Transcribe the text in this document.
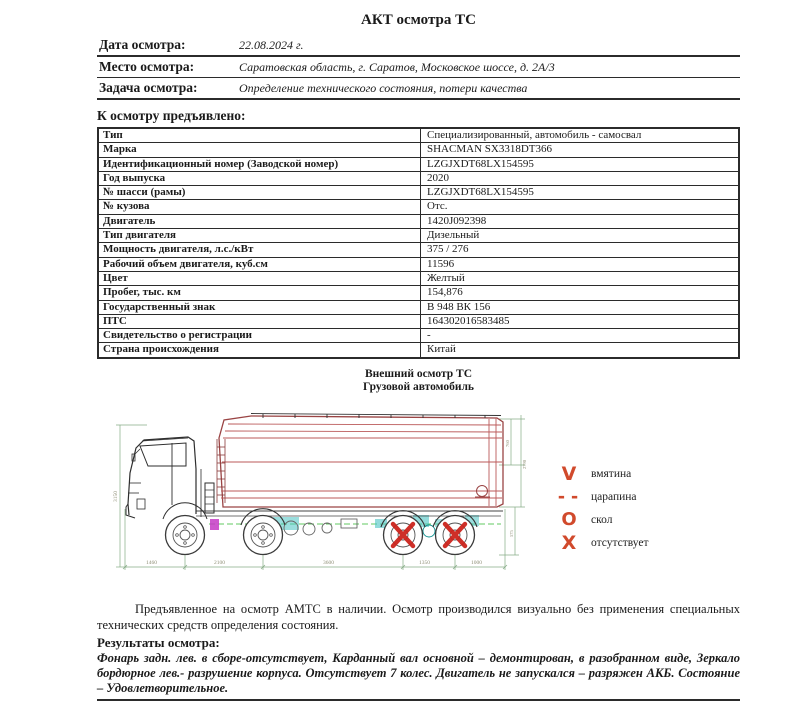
АКТ осмотра ТС
Дата осмотра:	22.08.2024 г.
Место осмотра:	Саратовская область, г. Саратов, Московское шоссе, д. 2А/3
Задача осмотра:	Определение технического состояния, потери качества
К осмотру предъявлено:
Тип	Специализированный, автомобиль - самосвал
Марка	SHACMAN SX3318DT366
Идентификационный номер (Заводской номер)	LZGJXDT68LX154595
Год выпуска	2020
№ шасси (рамы)	LZGJXDT68LX154595
№ кузова	Отс.
Двигатель	1420J092398
Тип двигателя	Дизельный
Мощность двигателя, л.с./кВт	375 / 276
Рабочий объем двигателя, куб.см	11596
Цвет	Желтый
Пробег, тыс. км	154,876
Государственный знак	В 948 ВК 156
ПТС	164302016583485
Свидетельство о регистрации	-
Страна происхождения	Китай
Внешний осмотр ТС
Грузовой автомобиль
3150
1460	2100	3600	1350	1000
760
2790
575
V	вмятина
▬ ▬ царапина
O	скол
X	отсутствует
Предъявленное на осмотр АМТС в наличии. Осмотр производился визуально без применения специальных технических средств определения состояния.
Результаты осмотра:
Фонарь задн. лев. в сборе-отсутствует, Карданный вал основной – демонтирован, в разобранном виде, Зеркало бордюрное лев.- разрушение корпуса. Отсутствует 7 колес. Двигатель не запускался – разряжен АКБ. Состояние – Удовлетворительное.
